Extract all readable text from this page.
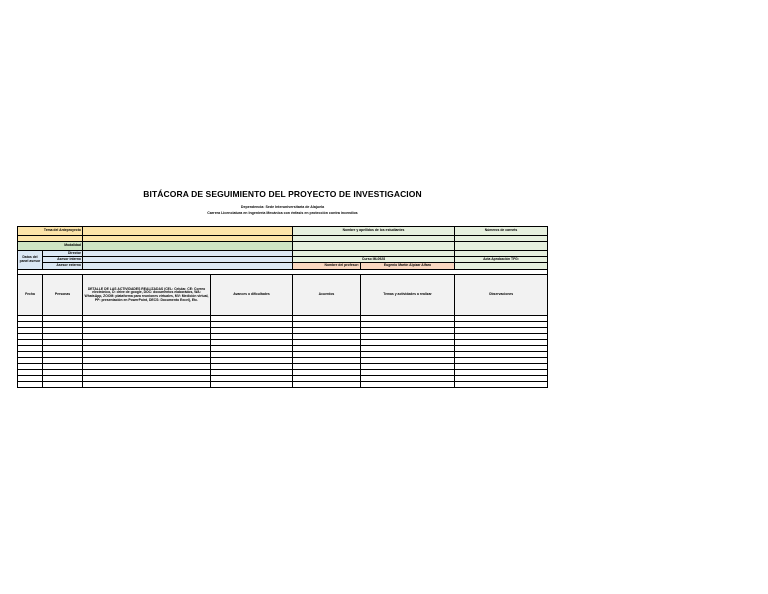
BITÁCORA DE SEGUIMIENTO DEL PROYECTO DE INVESTIGACION
Dependencia: Sede Interuniversitaria de Alajuela
Carrera Licenciatura en Ingeniería Mecánica con énfasis en protección contra incendios
Tema del Anteproyecto				Nombre y apellidos de los estudiantes		Números de carnets

Modalidad						
Datos del panel asesor	Director					
	Asesor interno			Curso IM-0928		Acta Aprobación TFG:
	Asesor externo			Nombre del profesor:	Eugenio Martín Alpízar Alfaro	

Fecha	Personas	DETALLE DE LAS ACTIVIDADES REALIZADAS (CEL: Celular, CE: Correo electrónico, D: drive de google, DOC: documentos elaborados, WA: WhatsApp, ZOOM: plataforma para reuniones virtuales, MV: Medición virtual, PP: presentación en PowerPoint, DECS: Documento Excel), Etc.	Avances o dificultades	Acuerdos	Temas y actividades a realizar	Observaciones
